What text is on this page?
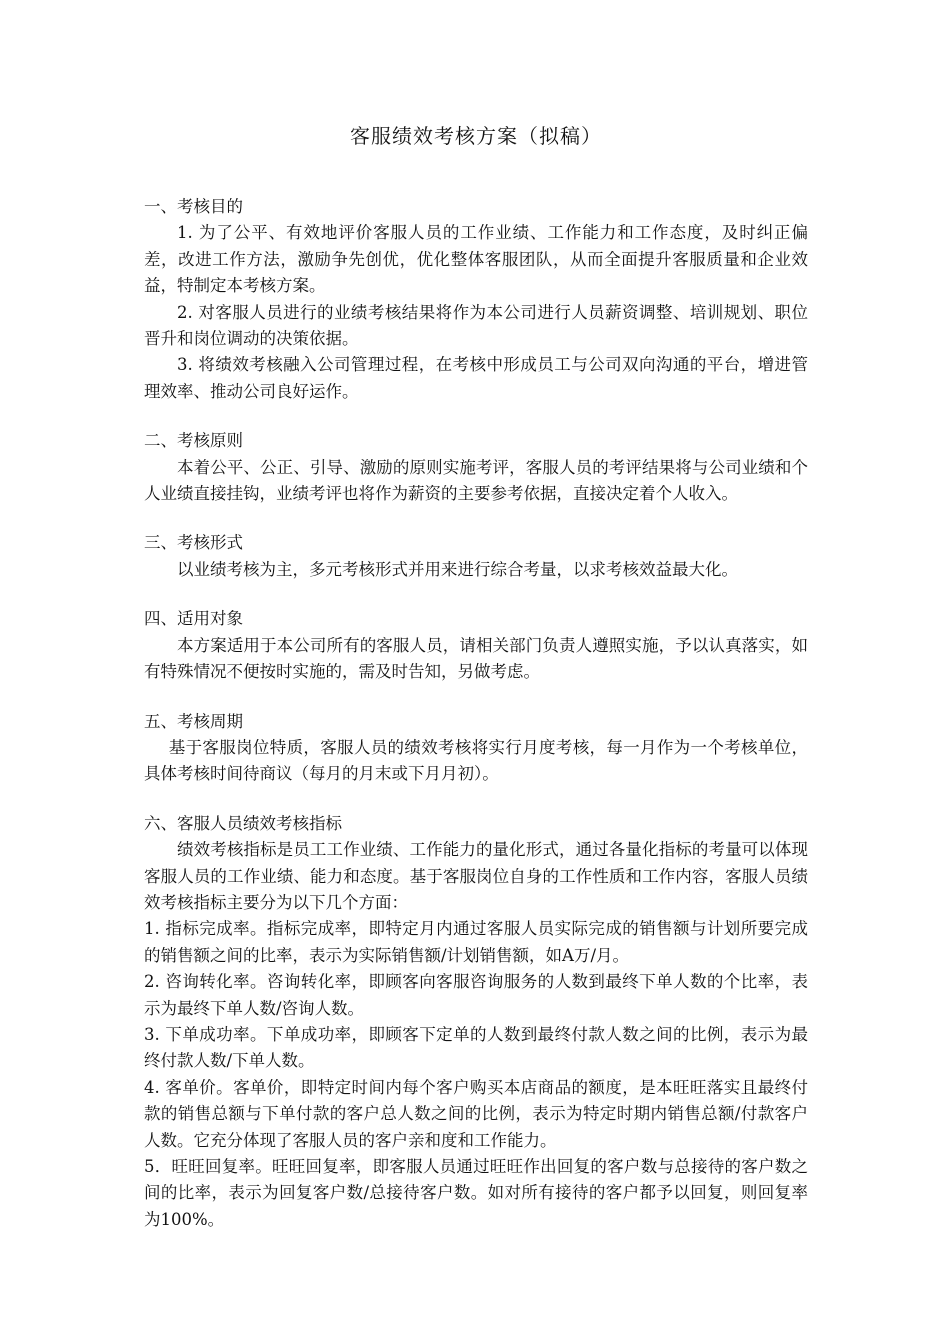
客服绩效考核方案（拟稿）

一、考核目的

1. 为了公平、有效地评价客服人员的工作业绩、工作能力和工作态度，及时纠正偏差，改进工作方法，激励争先创优，优化整体客服团队，从而全面提升客服质量和企业效益，特制定本考核方案。

2. 对客服人员进行的业绩考核结果将作为本公司进行人员薪资调整、培训规划、职位晋升和岗位调动的决策依据。

3. 将绩效考核融入公司管理过程，在考核中形成员工与公司双向沟通的平台，增进管理效率、推动公司良好运作。

二、考核原则

本着公平、公正、引导、激励的原则实施考评，客服人员的考评结果将与公司业绩和个人业绩直接挂钩，业绩考评也将作为薪资的主要参考依据，直接决定着个人收入。

三、考核形式

以业绩考核为主，多元考核形式并用来进行综合考量，以求考核效益最大化。

四、适用对象

本方案适用于本公司所有的客服人员，请相关部门负责人遵照实施，予以认真落实，如有特殊情况不便按时实施的，需及时告知，另做考虑。

五、考核周期

基于客服岗位特质，客服人员的绩效考核将实行月度考核，每一月作为一个考核单位，具体考核时间待商议（每月的月末或下月月初）。

六、客服人员绩效考核指标

绩效考核指标是员工工作业绩、工作能力的量化形式，通过各量化指标的考量可以体现客服人员的工作业绩、能力和态度。基于客服岗位自身的工作性质和工作内容，客服人员绩效考核指标主要分为以下几个方面：

1. 指标完成率。指标完成率，即特定月内通过客服人员实际完成的销售额与计划所要完成的销售额之间的比率，表示为实际销售额/计划销售额，如A万/月。

2. 咨询转化率。咨询转化率，即顾客向客服咨询服务的人数到最终下单人数的个比率，表示为最终下单人数/咨询人数。

3. 下单成功率。下单成功率，即顾客下定单的人数到最终付款人数之间的比例，表示为最终付款人数/下单人数。

4. 客单价。客单价，即特定时间内每个客户购买本店商品的额度，是本旺旺落实且最终付款的销售总额与下单付款的客户总人数之间的比例，表示为特定时期内销售总额/付款客户人数。它充分体现了客服人员的客户亲和度和工作能力。

5．旺旺回复率。旺旺回复率，即客服人员通过旺旺作出回复的客户数与总接待的客户数之间的比率，表示为回复客户数/总接待客户数。如对所有接待的客户都予以回复，则回复率为100%。
